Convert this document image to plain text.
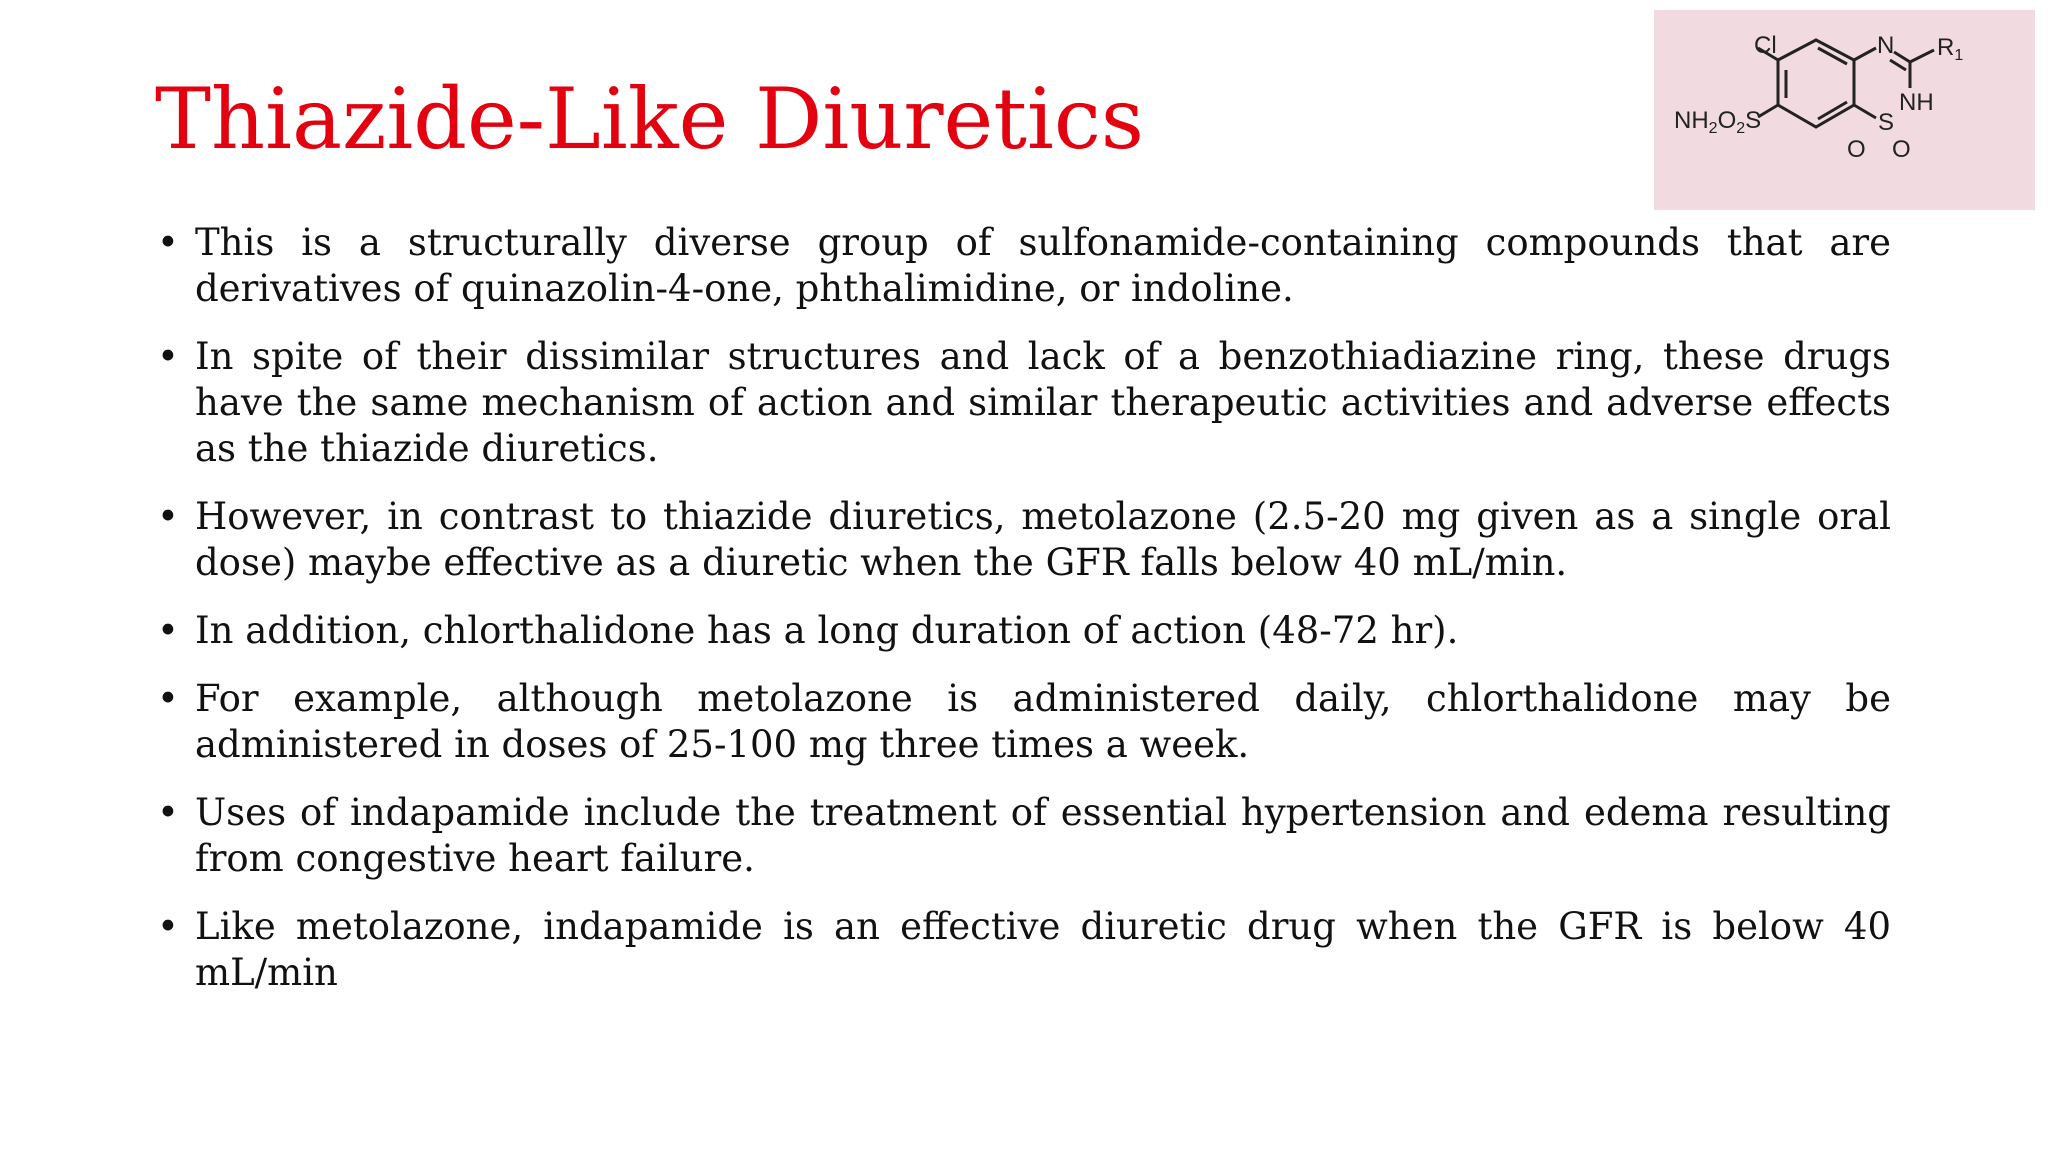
Thiazide-Like Diuretics
Cl	N $R_1$
NH
S
O O
$NH_2O_2S$
• This is a structurally diverse group of sulfonamide-containing compounds that are derivatives of quinazolin-4-one, phthalimidine, or indoline.
• In spite of their dissimilar structures and lack of a benzothiadiazine ring, these drugs have the same mechanism of action and similar therapeutic activities and adverse effects as the thiazide diuretics.
• However, in contrast to thiazide diuretics, metolazone (2.5-20 mg given as a single oral dose) maybe effective as a diuretic when the GFR falls below 40 mL/min.
• In addition, chlorthalidone has a long duration of action (48-72 hr).
• For example, although metolazone is administered daily, chlorthalidone may be administered in doses of 25-100 mg three times a week.
• Uses of indapamide include the treatment of essential hypertension and edema resulting from congestive heart failure.
• Like metolazone, indapamide is an effective diuretic drug when the GFR is below 40 mL/min
